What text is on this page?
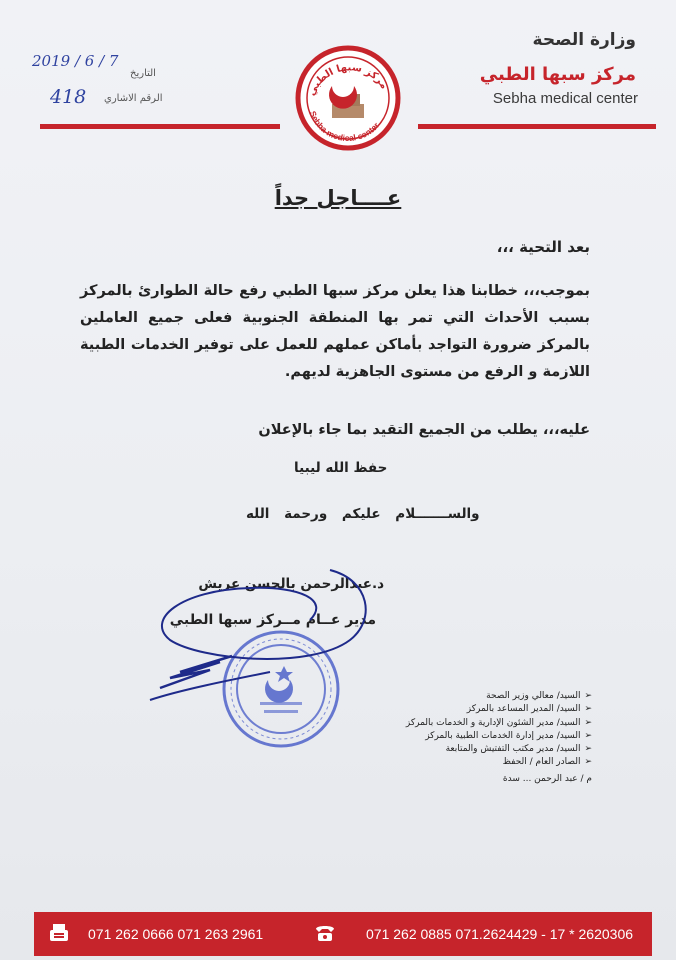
وزارة الصحة
مركز سبها الطبي
Sebha medical center
التاريخ
الرقم الاشاري
2019 / 6 / 7
418	مركز سبها الطبي
Sebha medical center
عــــاجل جداً
بعد التحية ،،،
بموجب،،، خطابنا هذا يعلن مركز سبها الطبي رفع حالة الطوارئ بالمركز بسبب الأحداث التي تمر بها المنطقة الجنوبية فعلى جميع العاملين بالمركز ضرورة التواجد بأماكن عملهم للعمل على توفير الخدمات الطبية اللازمة و الرفع من مستوى الجاهزية لديهم.
عليه،،، يطلب من الجميع التقيد بما جاء بالإعلان
حفظ الله ليبيا
والســـــــلام عليكم ورحمة الله
د.عبدالرحمن بالحسن عريش
مدير عــام مــركز سبها الطبي
➢السيد/ معالي وزير الصحة
➢السيد/ المدير المساعد بالمركز
➢السيد/ مدير الشئون الإدارية و الخدمات بالمركز
➢السيد/ مدير إدارة الخدمات الطبية بالمركز
➢السيد/ مدير مكتب التفتيش والمتابعة
➢الصادر العام / الحفظ
م / عبد الرحمن ... سدة
071 262 0666 071 263 2961	071 262 0885 071.2624429 - 17 * 2620306
